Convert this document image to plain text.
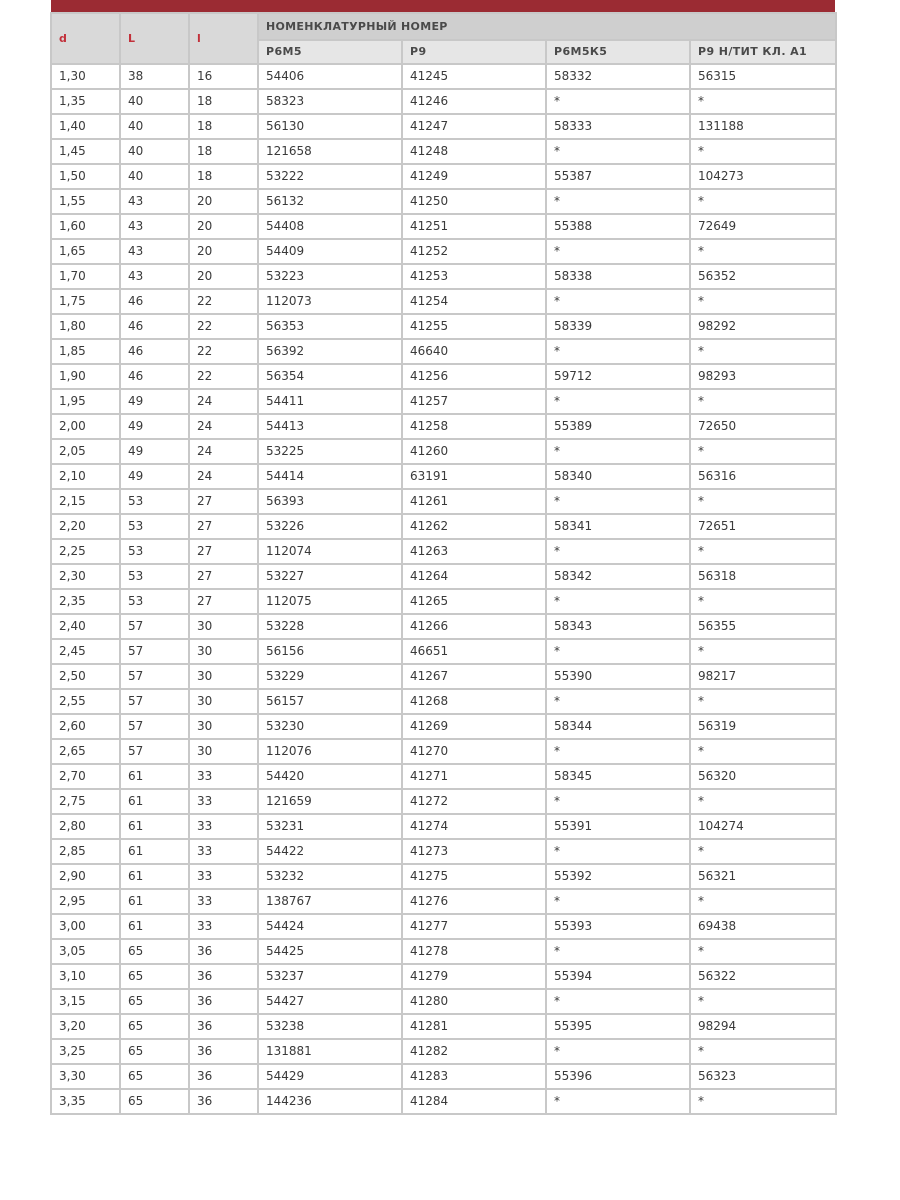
d	L	l	НОМЕНКЛАТУРНЫЙ НОМЕР			
			Р6М5	Р9	Р6М5К5	Р9 Н/ТИТ КЛ. А1
1,30	38	16	54406	41245	58332	56315
1,35	40	18	58323	41246	*	*
1,40	40	18	56130	41247	58333	131188
1,45	40	18	121658	41248	*	*
1,50	40	18	53222	41249	55387	104273
1,55	43	20	56132	41250	*	*
1,60	43	20	54408	41251	55388	72649
1,65	43	20	54409	41252	*	*
1,70	43	20	53223	41253	58338	56352
1,75	46	22	112073	41254	*	*
1,80	46	22	56353	41255	58339	98292
1,85	46	22	56392	46640	*	*
1,90	46	22	56354	41256	59712	98293
1,95	49	24	54411	41257	*	*
2,00	49	24	54413	41258	55389	72650
2,05	49	24	53225	41260	*	*
2,10	49	24	54414	63191	58340	56316
2,15	53	27	56393	41261	*	*
2,20	53	27	53226	41262	58341	72651
2,25	53	27	112074	41263	*	*
2,30	53	27	53227	41264	58342	56318
2,35	53	27	112075	41265	*	*
2,40	57	30	53228	41266	58343	56355
2,45	57	30	56156	46651	*	*
2,50	57	30	53229	41267	55390	98217
2,55	57	30	56157	41268	*	*
2,60	57	30	53230	41269	58344	56319
2,65	57	30	112076	41270	*	*
2,70	61	33	54420	41271	58345	56320
2,75	61	33	121659	41272	*	*
2,80	61	33	53231	41274	55391	104274
2,85	61	33	54422	41273	*	*
2,90	61	33	53232	41275	55392	56321
2,95	61	33	138767	41276	*	*
3,00	61	33	54424	41277	55393	69438
3,05	65	36	54425	41278	*	*
3,10	65	36	53237	41279	55394	56322
3,15	65	36	54427	41280	*	*
3,20	65	36	53238	41281	55395	98294
3,25	65	36	131881	41282	*	*
3,30	65	36	54429	41283	55396	56323
3,35	65	36	144236	41284	*	*
